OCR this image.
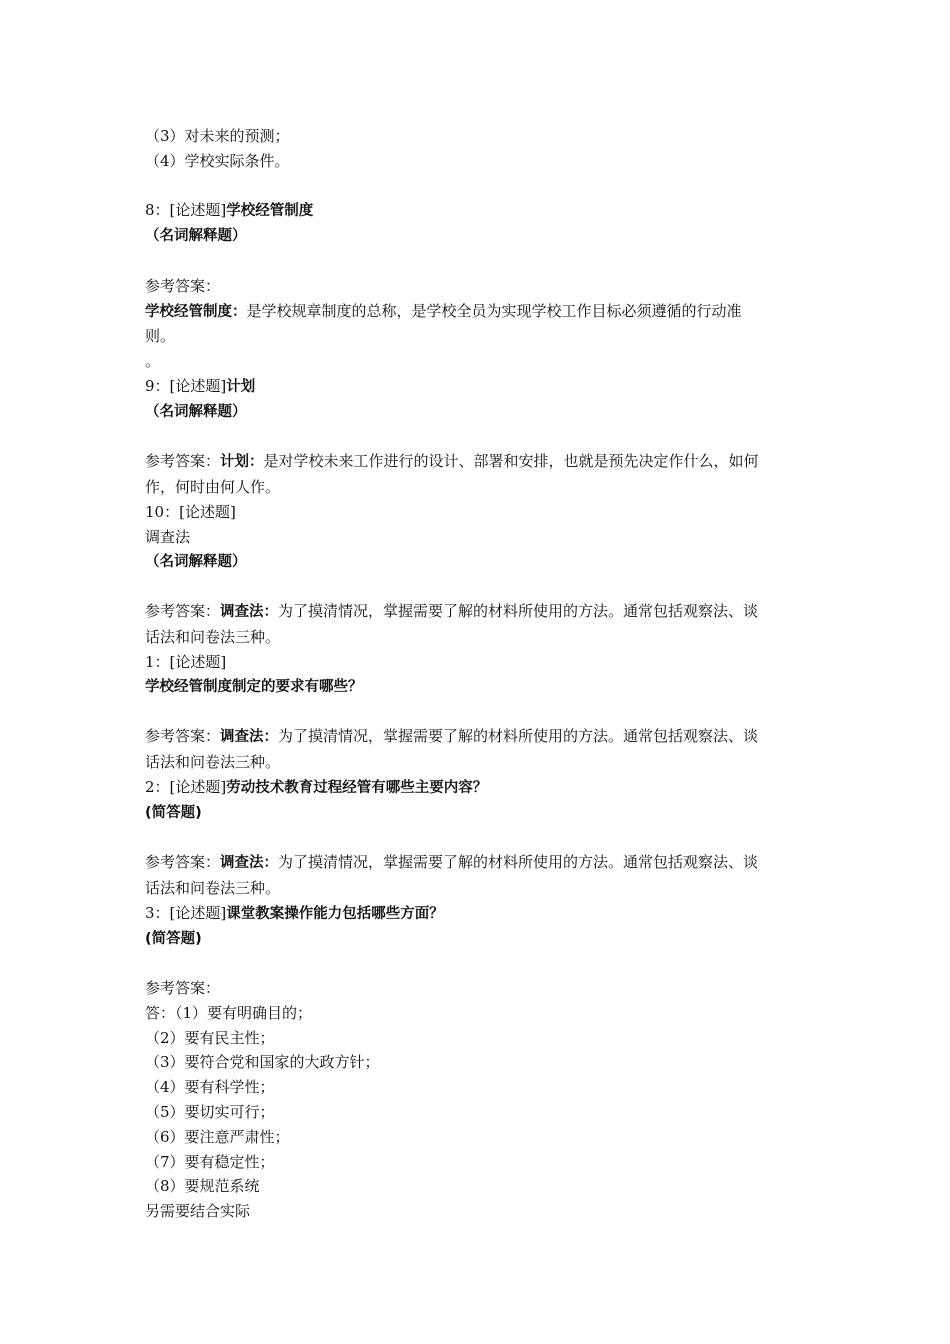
（3）对未来的预测；
（4）学校实际条件。
8：[论述题]学校经管制度
（名词解释题）
参考答案：
学校经管制度：是学校规章制度的总称，是学校全员为实现学校工作目标必须遵循的行动准
则。
。
9：[论述题]计划
（名词解释题）
参考答案：计划：是对学校未来工作进行的设计、部署和安排，也就是预先决定作什么，如何
作，何时由何人作。
10：[论述题]
调查法
（名词解释题）
参考答案：调查法：为了摸清情况，掌握需要了解的材料所使用的方法。通常包括观察法、谈
话法和问卷法三种。
1：[论述题]
学校经管制度制定的要求有哪些？
参考答案：调查法：为了摸清情况，掌握需要了解的材料所使用的方法。通常包括观察法、谈
话法和问卷法三种。
2：[论述题]劳动技术教育过程经管有哪些主要内容？
(简答题)
参考答案：调查法：为了摸清情况，掌握需要了解的材料所使用的方法。通常包括观察法、谈
话法和问卷法三种。
3：[论述题]课堂教案操作能力包括哪些方面？
(简答题)
参考答案：
答：（1）要有明确目的；
（2）要有民主性；
（3）要符合党和国家的大政方针；
（4）要有科学性；
（5）要切实可行；
（6）要注意严肃性；
（7）要有稳定性；
（8）要规范系统
另需要结合实际
